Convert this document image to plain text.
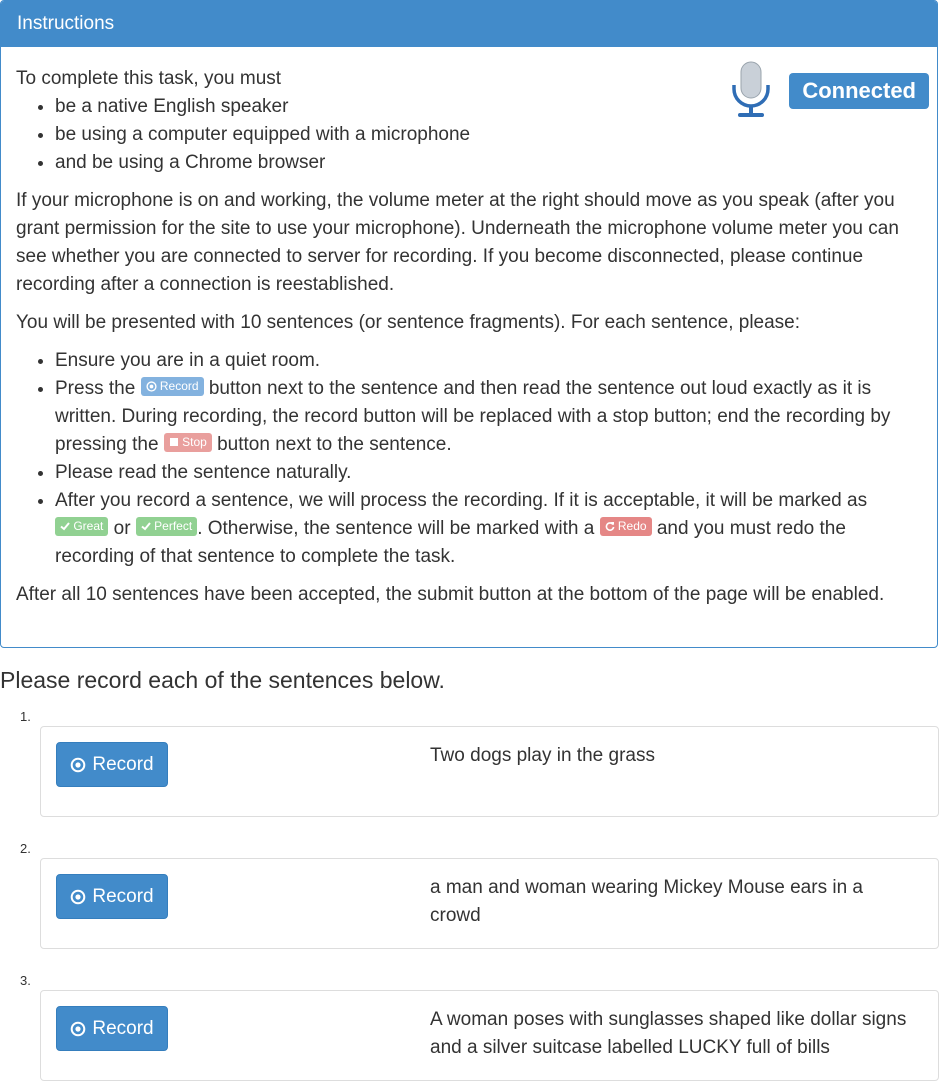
Instructions
Connected

To complete this task, you must

• be a native English speaker
• be using a computer equipped with a microphone
• and be using a Chrome browser

If your microphone is on and working, the volume meter at the right should move as you speak (after you grant permission for the site to use your microphone). Underneath the microphone volume meter you can see whether you are connected to server for recording. If you become disconnected, please continue recording after a connection is reestablished.

You will be presented with 10 sentences (or sentence fragments). For each sentence, please:

• Ensure you are in a quiet room.
• Press the Record button next to the sentence and then read the sentence out loud exactly as it is written. During recording, the record button will be replaced with a stop button; end the recording by pressing the Stop button next to the sentence.
• Please read the sentence naturally.
• After you record a sentence, we will process the recording. If it is acceptable, it will be marked as  Great or Perfect . Otherwise, the sentence will be marked with a Redo and you must redo the recording of that sentence to complete the task.

After all 10 sentences have been accepted, the submit button at the bottom of the page will be enabled.

Please record each of the sentences below.
1.
Record	Two dogs play in the grass
2.
Record	a man and woman wearing Mickey Mouse ears in a crowd
3.
Record	A woman poses with sunglasses shaped like dollar signs and a silver suitcase labelled LUCKY full of bills
